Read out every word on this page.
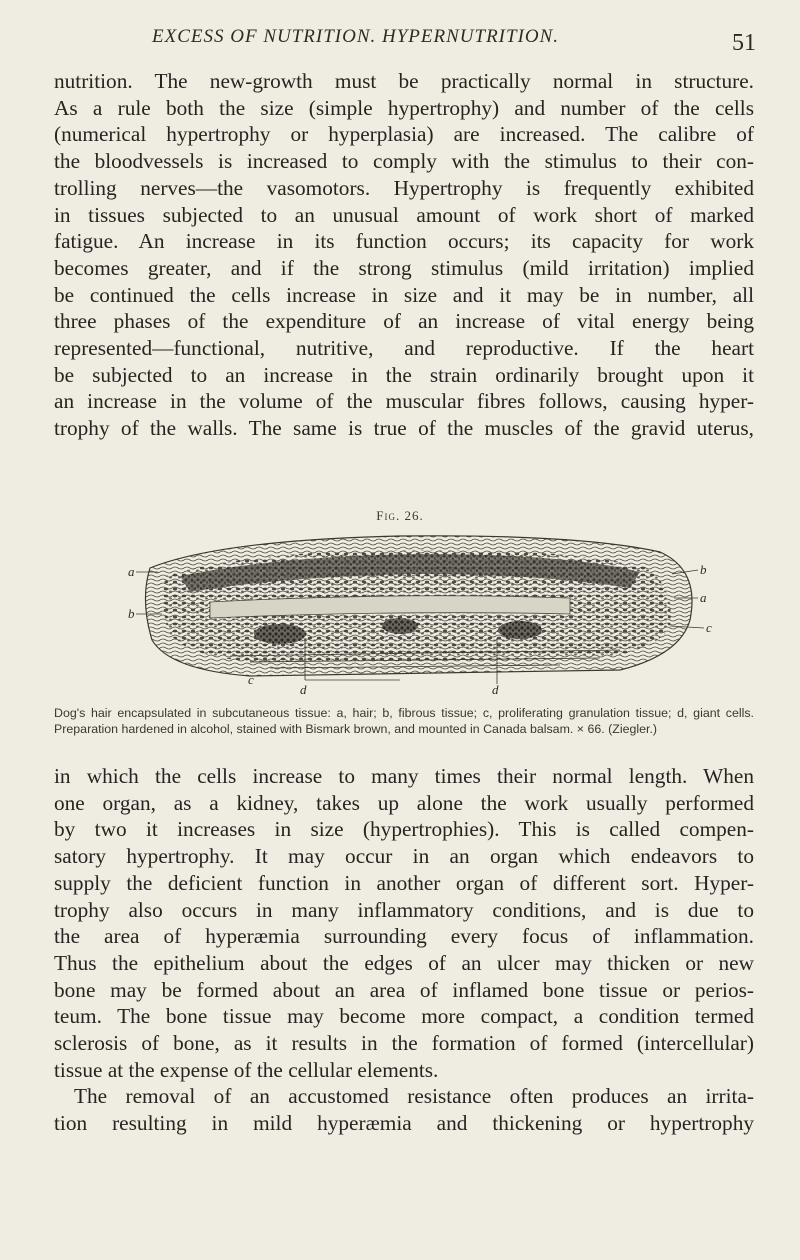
EXCESS OF NUTRITION. HYPERNUTRITION.	51
nutrition. The new-growth must be practically normal in structure.
As a rule both the size (simple hypertrophy) and number of the cells
(numerical hypertrophy or hyperplasia) are increased. The calibre of
the bloodvessels is increased to comply with the stimulus to their con-
trolling nerves—the vasomotors. Hypertrophy is frequently exhibited
in tissues subjected to an unusual amount of work short of marked
fatigue. An increase in its function occurs; its capacity for work
becomes greater, and if the strong stimulus (mild irritation) implied
be continued the cells increase in size and it may be in number, all
three phases of the expenditure of an increase of vital energy being
represented—functional, nutritive, and reproductive. If the heart
be subjected to an increase in the strain ordinarily brought upon it
an increase in the volume of the muscular fibres follows, causing hyper-
trophy of the walls. The same is true of the muscles of the gravid uterus,
Fig. 26.
a
b
b
a
c
c
d	d

Dog's hair encapsulated in subcutaneous tissue: a, hair; b, fibrous tissue; c, proliferating granulation tissue; d, giant cells. Preparation hardened in alcohol, stained with Bismark brown, and mounted in Canada balsam. × 66. (Ziegler.)

in which the cells increase to many times their normal length. When
one organ, as a kidney, takes up alone the work usually performed
by two it increases in size (hypertrophies). This is called compen-
satory hypertrophy. It may occur in an organ which endeavors to
supply the deficient function in another organ of different sort. Hyper-
trophy also occurs in many inflammatory conditions, and is due to
the area of hyperæmia surrounding every focus of inflammation.
Thus the epithelium about the edges of an ulcer may thicken or new
bone may be formed about an area of inflamed bone tissue or perios-
teum. The bone tissue may become more compact, a condition termed
sclerosis of bone, as it results in the formation of formed (intercellular)
tissue at the expense of the cellular elements.
The removal of an accustomed resistance often produces an irrita-
tion resulting in mild hyperæmia and thickening or hypertrophy
